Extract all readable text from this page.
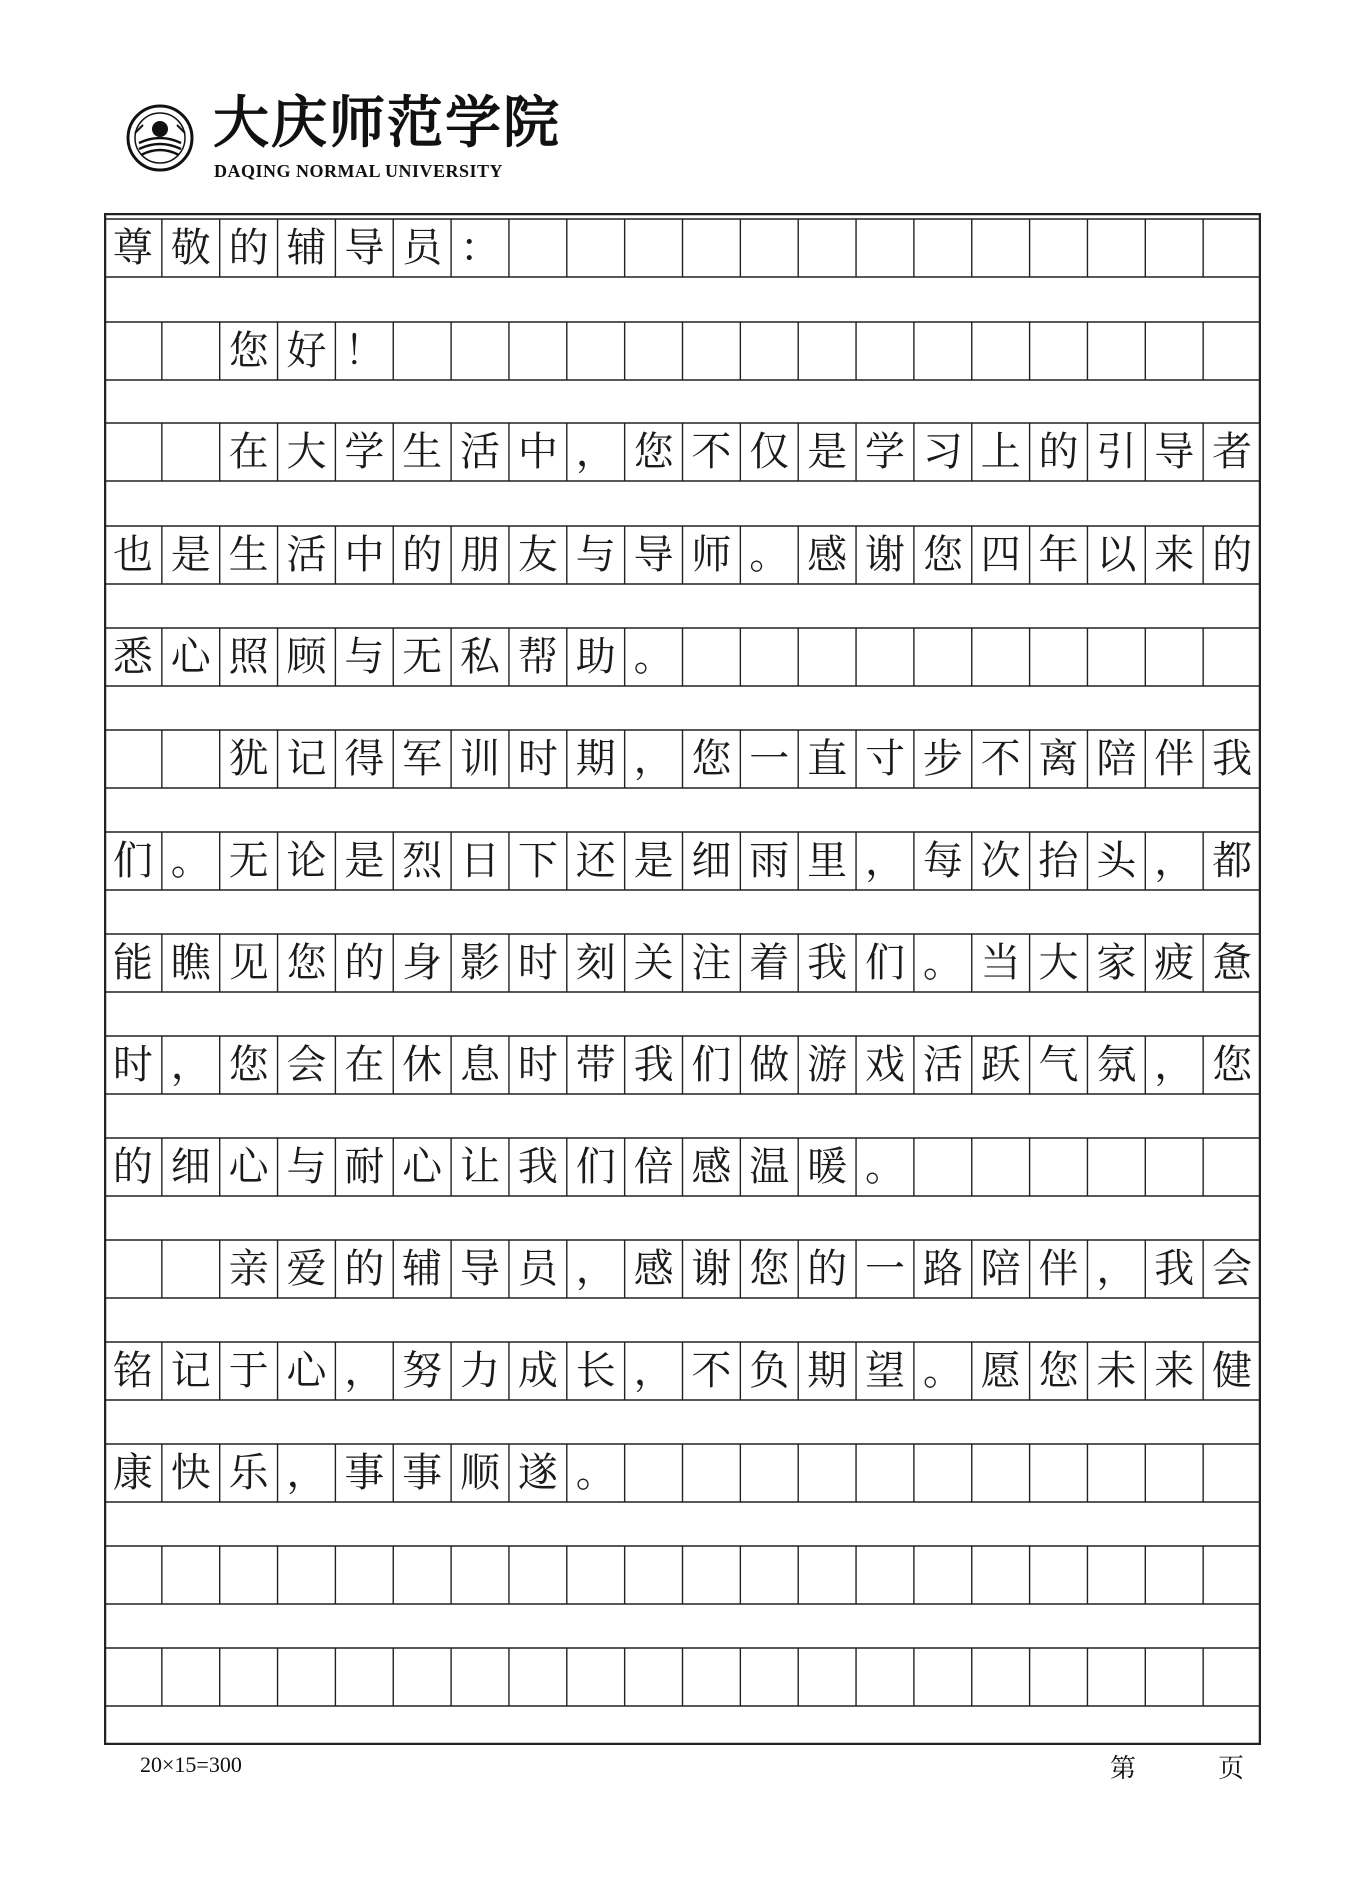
大庆师范学院
DAQING NORMAL UNIVERSITY
尊 敬 的 辅 导 员 ：

您 好 ！

在 大 学 生 活 中 ， 您 不 仅 是 学 习 上 的 引 导 者
也 是 生 活 中 的 朋 友 与 导 师 。 感 谢 您 四 年 以 来 的
悉 心 照 顾 与 无 私 帮 助 。

犹 记 得 军 训 时 期 ， 您 一 直 寸 步 不 离 陪 伴 我
们 。 无 论 是 烈 日 下 还 是 细 雨 里 ， 每 次 抬 头 ， 都
能 瞧 见 您 的 身 影 时 刻 关 注 着 我 们 。 当 大 家 疲 惫
时 ， 您 会 在 休 息 时 带 我 们 做 游 戏 活 跃 气 氛 ， 您
的 细 心 与 耐 心 让 我 们 倍 感 温 暖 。

亲 爱 的 辅 导 员 ， 感 谢 您 的 一 路 陪 伴 ， 我 会
铭 记 于 心 ， 努 力 成 长 ， 不 负 期 望 。 愿 您 未 来 健
康 快 乐 ， 事 事 顺 遂 。
20×15=300	第	页
